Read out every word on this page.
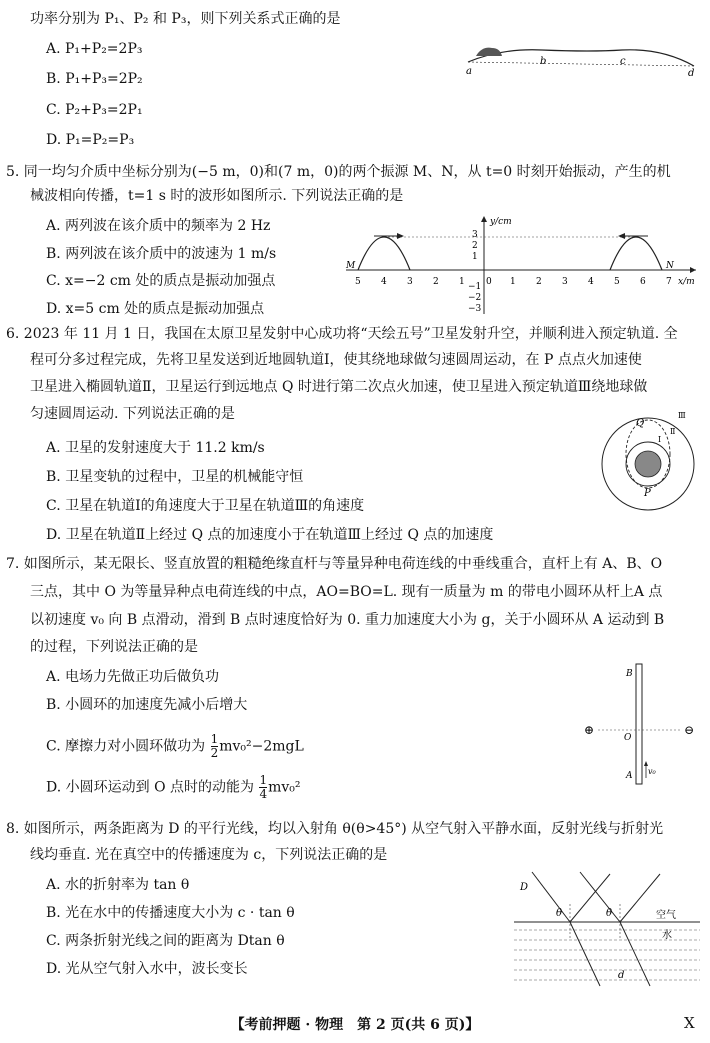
功率分别为 P₁、P₂ 和 P₃，则下列关系式正确的是
A. P₁+P₂=2P₃
B. P₁+P₃=2P₂
C. P₂+P₃=2P₁
D. P₁=P₂=P₃
a
b	c
d
5. 同一均匀介质中坐标分别为(−5 m，0)和(7 m，0)的两个振源 M、N，从 t=0 时刻开始振动，产生的机
械波相向传播，t=1 s 时的波形如图所示. 下列说法正确的是
A. 两列波在该介质中的频率为 2 Hz
B. 两列波在该介质中的波速为 1 m/s
C. x=−2 cm 处的质点是振动加强点
D. x=5 cm 处的质点是振动加强点
y/cm
x/m
M	N
3
2
1
−1
−2
−3
5 4 3 2 1 0 1 2 3 4 5 6 7
6. 2023 年 11 月 1 日，我国在太原卫星发射中心成功将“天绘五号”卫星发射升空，并顺利进入预定轨道. 全
程可分多过程完成，先将卫星发送到近地圆轨道Ⅰ，使其绕地球做匀速圆周运动，在 P 点点火加速使
卫星进入椭圆轨道Ⅱ，卫星运行到远地点 Q 时进行第二次点火加速，使卫星进入预定轨道Ⅲ绕地球做
匀速圆周运动. 下列说法正确的是
A. 卫星的发射速度大于 11.2 km/s
B. 卫星变轨的过程中，卫星的机械能守恒
C. 卫星在轨道Ⅰ的角速度大于卫星在轨道Ⅲ的角速度
D. 卫星在轨道Ⅱ上经过 Q 点的加速度小于在轨道Ⅲ上经过 Q 点的加速度
Q
P
Ⅰ
Ⅱ
Ⅲ
7. 如图所示，某无限长、竖直放置的粗糙绝缘直杆与等量异种电荷连线的中垂线重合，直杆上有 A、B、O
三点，其中 O 为等量异种点电荷连线的中点，AO=BO=L. 现有一质量为 m 的带电小圆环从杆上A 点
以初速度 v₀ 向 B 点滑动，滑到 B 点时速度恰好为 0. 重力加速度大小为 g，关于小圆环从 A 运动到 B
的过程，下列说法正确的是
A. 电场力先做正功后做负功
B. 小圆环的加速度先减小后增大
C. 摩擦力对小圆环做功为 $\frac{1}{2} mv_0^2-2mgL$
D. 小圆环运动到 O 点时的动能为 $\frac{1}{4} mv_0^2$
⊕	⊖
B
O
A v₀
8. 如图所示，两条距离为 D 的平行光线，均以入射角 θ(θ>45°) 从空气射入平静水面，反射光线与折射光
线均垂直. 光在真空中的传播速度为 c，下列说法正确的是
A. 水的折射率为 tan θ
B. 光在水中的传播速度大小为 c · tan θ
C. 两条折射光线之间的距离为 Dtan θ
D. 光从空气射入水中，波长变长
D
θ	θ	空气
水
d
【考前押题 · 物理　第 2 页(共 6 页)】	X
